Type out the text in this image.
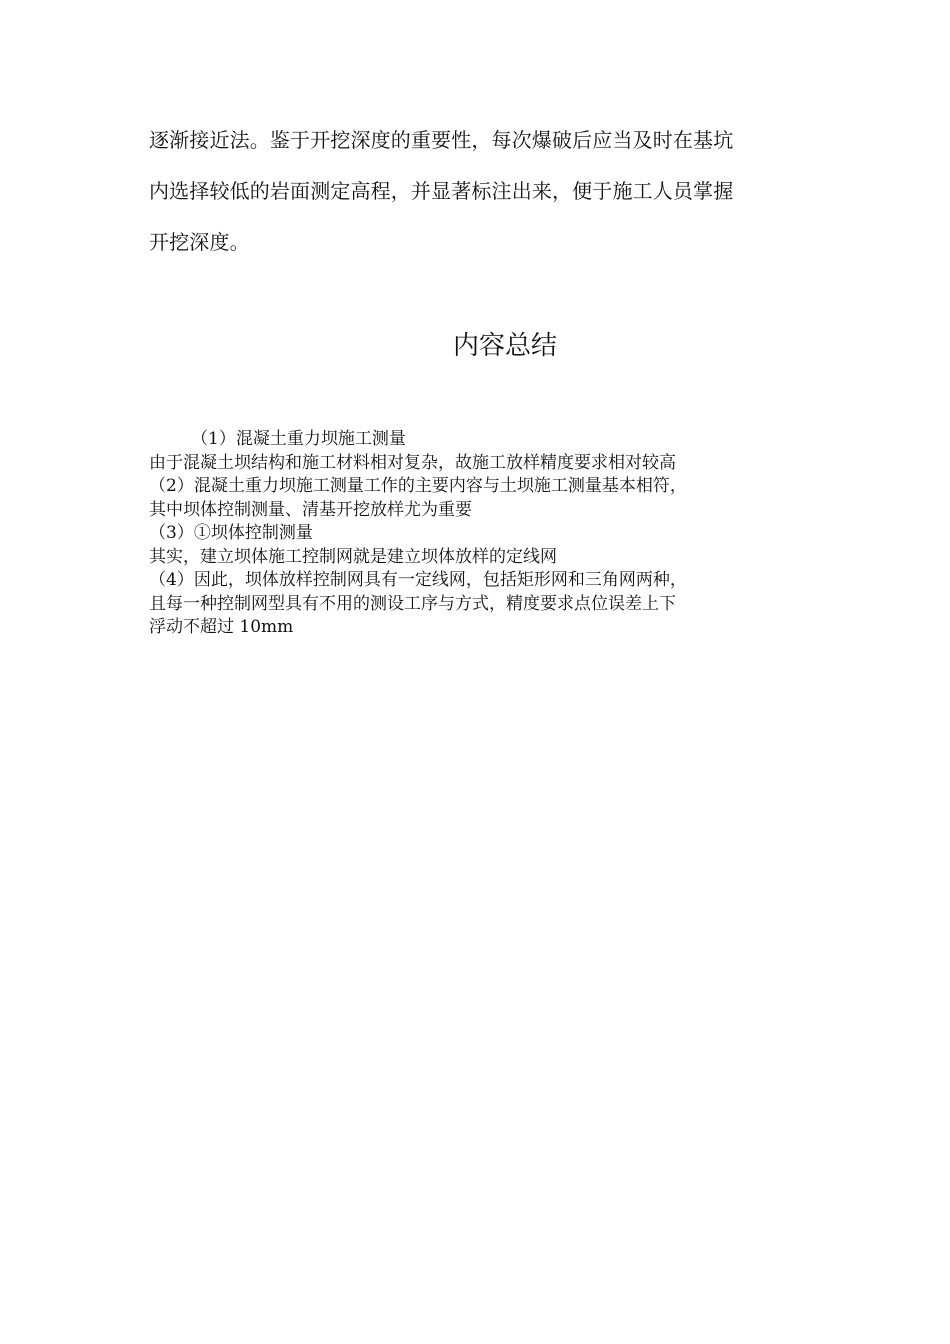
逐渐接近法。鉴于开挖深度的重要性，每次爆破后应当及时在基坑
内选择较低的岩面测定高程，并显著标注出来，便于施工人员掌握
开挖深度。

内容总结
（1）混凝土重力坝施工测量
由于混凝土坝结构和施工材料相对复杂，故施工放样精度要求相对较高
（2）混凝土重力坝施工测量工作的主要内容与土坝施工测量基本相符，
其中坝体控制测量、清基开挖放样尤为重要
（3）①坝体控制测量
其实，建立坝体施工控制网就是建立坝体放样的定线网
（4）因此，坝体放样控制网具有一定线网，包括矩形网和三角网两种，
且每一种控制网型具有不用的测设工序与方式，精度要求点位误差上下
浮动不超过 10mm
